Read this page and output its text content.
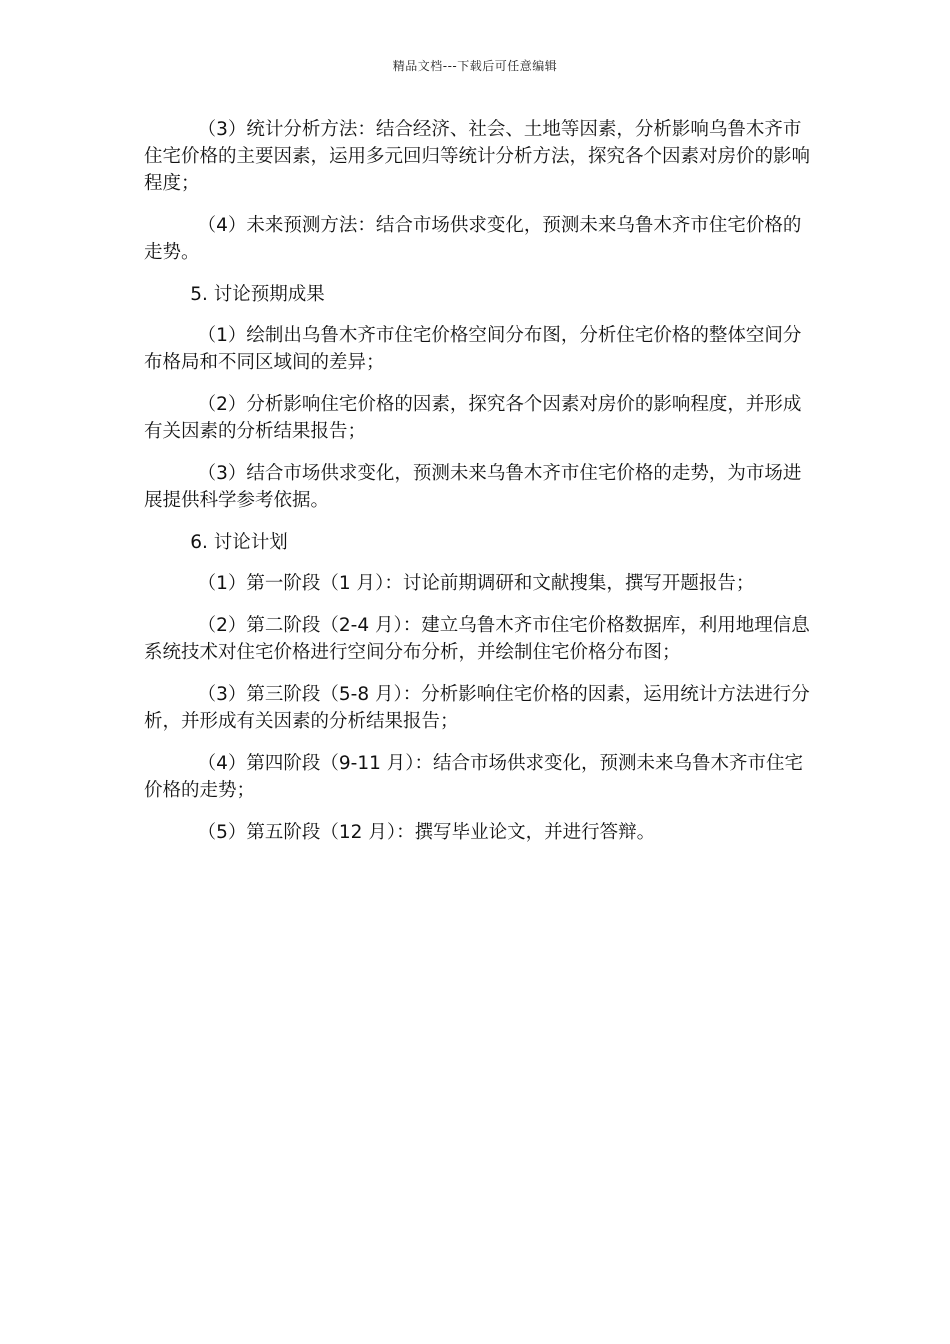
精品文档---下载后可任意编辑

（3）统计分析方法：结合经济、社会、土地等因素，分析影响乌鲁木齐市住宅价格的主要因素，运用多元回归等统计分析方法，探究各个因素对房价的影响程度；

（4）未来预测方法：结合市场供求变化，预测未来乌鲁木齐市住宅价格的走势。

5. 讨论预期成果

（1）绘制出乌鲁木齐市住宅价格空间分布图，分析住宅价格的整体空间分布格局和不同区域间的差异；

（2）分析影响住宅价格的因素，探究各个因素对房价的影响程度，并形成有关因素的分析结果报告；

（3）结合市场供求变化，预测未来乌鲁木齐市住宅价格的走势，为市场进展提供科学参考依据。

6. 讨论计划

（1）第一阶段（1 月）：讨论前期调研和文献搜集，撰写开题报告；

（2）第二阶段（2-4 月）：建立乌鲁木齐市住宅价格数据库，利用地理信息系统技术对住宅价格进行空间分布分析，并绘制住宅价格分布图；

（3）第三阶段（5-8 月）：分析影响住宅价格的因素，运用统计方法进行分析，并形成有关因素的分析结果报告；

（4）第四阶段（9-11 月）：结合市场供求变化，预测未来乌鲁木齐市住宅价格的走势；

（5）第五阶段（12 月）：撰写毕业论文，并进行答辩。
